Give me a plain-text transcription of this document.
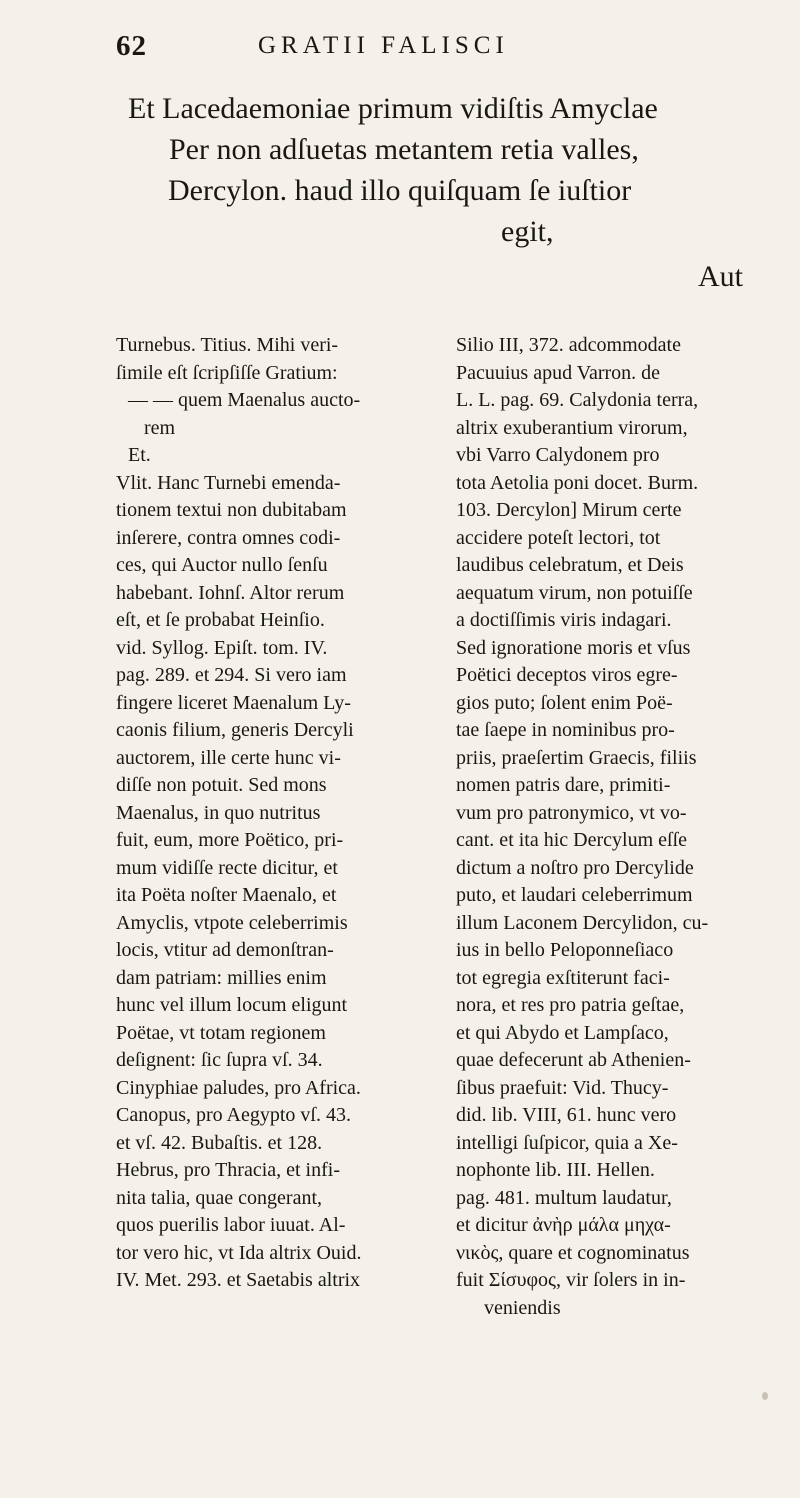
62	GRATII FALISCI
Et Lacedaemoniae primum vidiſtis Amyclae
Per non adſuetas metantem retia valles,
Dercylon. haud illo quiſquam ſe iuſtior
egit,
Aut
Turnebus. Titius. Mihi veri-
ſimile eſt ſcripſiſſe Gratium:
— — quem Maenalus aucto-
rem
Et.
Vlit. Hanc Turnebi emenda-
tionem textui non dubitabam
inſerere, contra omnes codi-
ces, qui Auctor nullo ſenſu
habebant. Iohnſ. Altor rerum
eſt, et ſe probabat Heinſio.
vid. Syllog. Epiſt. tom. IV.
pag. 289. et 294. Si vero iam
fingere liceret Maenalum Ly-
caonis filium, generis Dercyli
auctorem, ille certe hunc vi-
diſſe non potuit. Sed mons
Maenalus, in quo nutritus
fuit, eum, more Poëtico, pri-
mum vidiſſe recte dicitur, et
ita Poëta noſter Maenalo, et
Amyclis, vtpote celeberrimis
locis, vtitur ad demonſtran-
dam patriam: millies enim
hunc vel illum locum eligunt
Poëtae, vt totam regionem
deſignent: ſic ſupra vſ. 34.
Cinyphiae paludes, pro Africa.
Canopus, pro Aegypto vſ. 43.
et vſ. 42. Bubaſtis. et 128.
Hebrus, pro Thracia, et infi-
nita talia, quae congerant,
quos puerilis labor iuuat. Al-
tor vero hic, vt Ida altrix Ouid.
IV. Met. 293. et Saetabis altrix
Silio III, 372. adcommodate
Pacuuius apud Varron. de
L. L. pag. 69. Calydonia terra,
altrix exuberantium virorum,
vbi Varro Calydonem pro
tota Aetolia poni docet. Burm.
103. Dercylon] Mirum certe
accidere poteſt lectori, tot
laudibus celebratum, et Deis
aequatum virum, non potuiſſe
a doctiſſimis viris indagari.
Sed ignoratione moris et vſus
Poëtici deceptos viros egre-
gios puto; ſolent enim Poë-
tae ſaepe in nominibus pro-
priis, praeſertim Graecis, filiis
nomen patris dare, primiti-
vum pro patronymico, vt vo-
cant. et ita hic Dercylum eſſe
dictum a noſtro pro Dercylide
puto, et laudari celeberrimum
illum Laconem Dercylidon, cu-
ius in bello Peloponneſiaco
tot egregia exſtiterunt faci-
nora, et res pro patria geſtae,
et qui Abydo et Lampſaco,
quae defecerunt ab Athenien-
ſibus praefuit: Vid. Thucy-
did. lib. VIII, 61. hunc vero
intelligi ſuſpicor, quia a Xe-
nophonte lib. III. Hellen.
pag. 481. multum laudatur,
et dicitur ἀνὴρ μάλα μηχα-
νικὸς, quare et cognominatus
fuit Σίσυφος, vir ſolers in in-
veniendis
